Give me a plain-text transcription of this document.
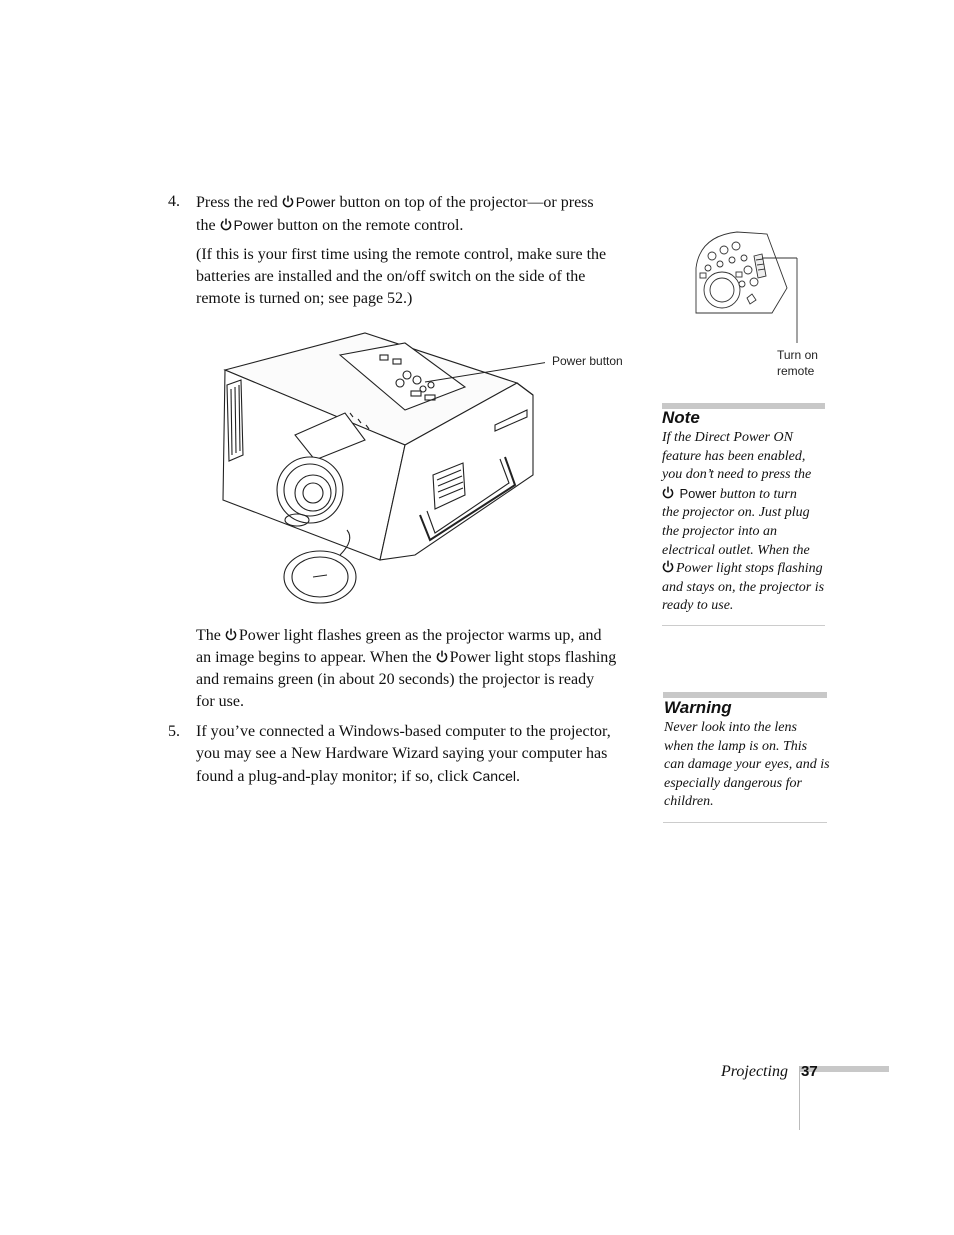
4. Press the red Power button on top of the projector—or press
the Power button on the remote control.
(If this is your first time using the remote control, make sure the
batteries are installed and the on/off switch on the side of the
remote is turned on; see page 52.)
Power button
The Power light flashes green as the projector warms up, and
an image begins to appear. When the Power light stops flashing
and remains green (in about 20 seconds) the projector is ready
for use.
5. If you’ve connected a Windows-based computer to the projector,
you may see a New Hardware Wizard saying your computer has
found a plug-and-play monitor; if so, click Cancel.
Turn on
remote
Note
If the Direct Power ON
feature has been enabled,
you don’t need to press the
Power button to turn
the projector on. Just plug
the projector into an
electrical outlet. When the
Power light stops flashing
and stays on, the projector is
ready to use.
Warning
Never look into the lens
when the lamp is on. This
can damage your eyes, and is
especially dangerous for
children.
Projecting 37
